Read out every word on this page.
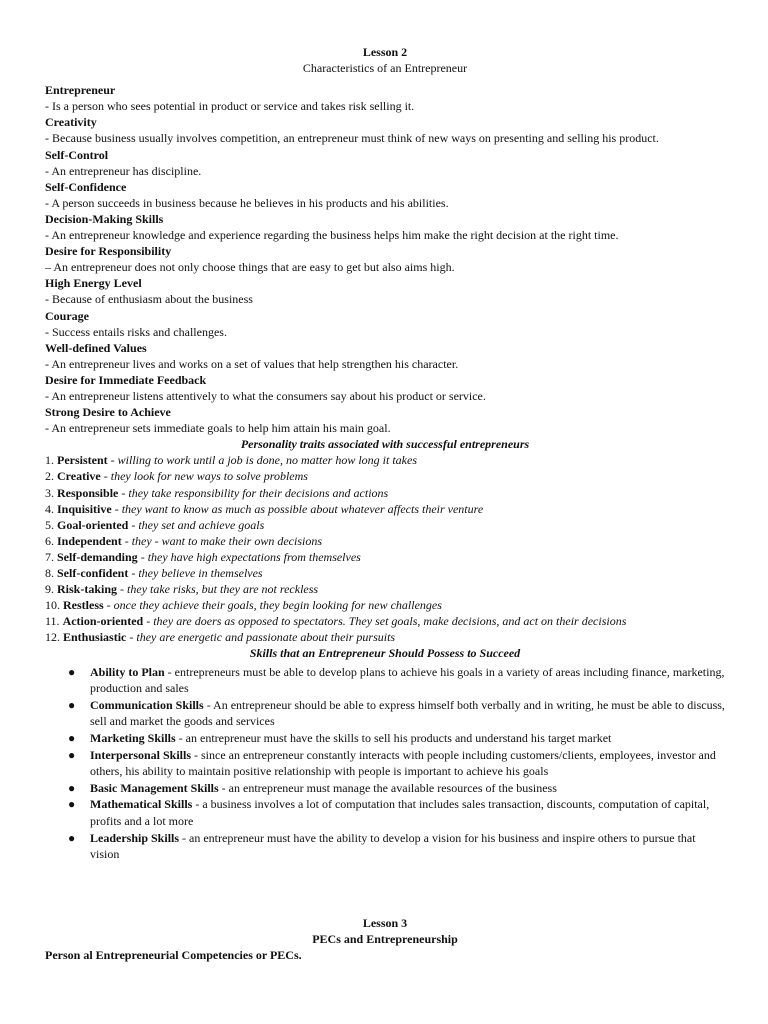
Lesson 2
Characteristics of an Entrepreneur
Entrepreneur
- Is a person who sees potential in product or service and takes risk selling it.
Creativity
- Because business usually involves competition, an entrepreneur must think of new ways on presenting and selling his product.
Self-Control
- An entrepreneur has discipline.
Self-Confidence
- A person succeeds in business because he believes in his products and his abilities.
Decision-Making Skills
- An entrepreneur knowledge and experience regarding the business helps him make the right decision at the right time.
Desire for Responsibility
– An entrepreneur does not only choose things that are easy to get but also aims high.
High Energy Level
- Because of enthusiasm about the business
Courage
- Success entails risks and challenges.
Well-defined Values
- An entrepreneur lives and works on a set of values that help strengthen his character.
Desire for Immediate Feedback
- An entrepreneur listens attentively to what the consumers say about his product or service.
Strong Desire to Achieve
- An entrepreneur sets immediate goals to help him attain his main goal.
Personality traits associated with successful entrepreneurs
1. Persistent - willing to work until a job is done, no matter how long it takes
2. Creative - they look for new ways to solve problems
3. Responsible - they take responsibility for their decisions and actions
4. Inquisitive - they want to know as much as possible about whatever affects their venture
5. Goal-oriented - they set and achieve goals
6. Independent - they - want to make their own decisions
7. Self-demanding - they have high expectations from themselves
8. Self-confident - they believe in themselves
9. Risk-taking - they take risks, but they are not reckless
10. Restless - once they achieve their goals, they begin looking for new challenges
11. Action-oriented - they are doers as opposed to spectators. They set goals, make decisions, and act on their decisions
12. Enthusiastic - they are energetic and passionate about their pursuits
Skills that an Entrepreneur Should Possess to Succeed
● Ability to Plan - entrepreneurs must be able to develop plans to achieve his goals in a variety of areas including finance, marketing, production and sales
● Communication Skills - An entrepreneur should be able to express himself both verbally and in writing, he must be able to discuss, sell and market the goods and services
● Marketing Skills - an entrepreneur must have the skills to sell his products and understand his target market
● Interpersonal Skills - since an entrepreneur constantly interacts with people including customers/clients, employees, investor and others, his ability to maintain positive relationship with people is important to achieve his goals
● Basic Management Skills - an entrepreneur must manage the available resources of the business
● Mathematical Skills - a business involves a lot of computation that includes sales transaction, discounts, computation of capital, profits and a lot more
● Leadership Skills - an entrepreneur must have the ability to develop a vision for his business and inspire others to pursue that vision
Lesson 3
PECs and Entrepreneurship
Person al Entrepreneurial Competencies or PECs.
